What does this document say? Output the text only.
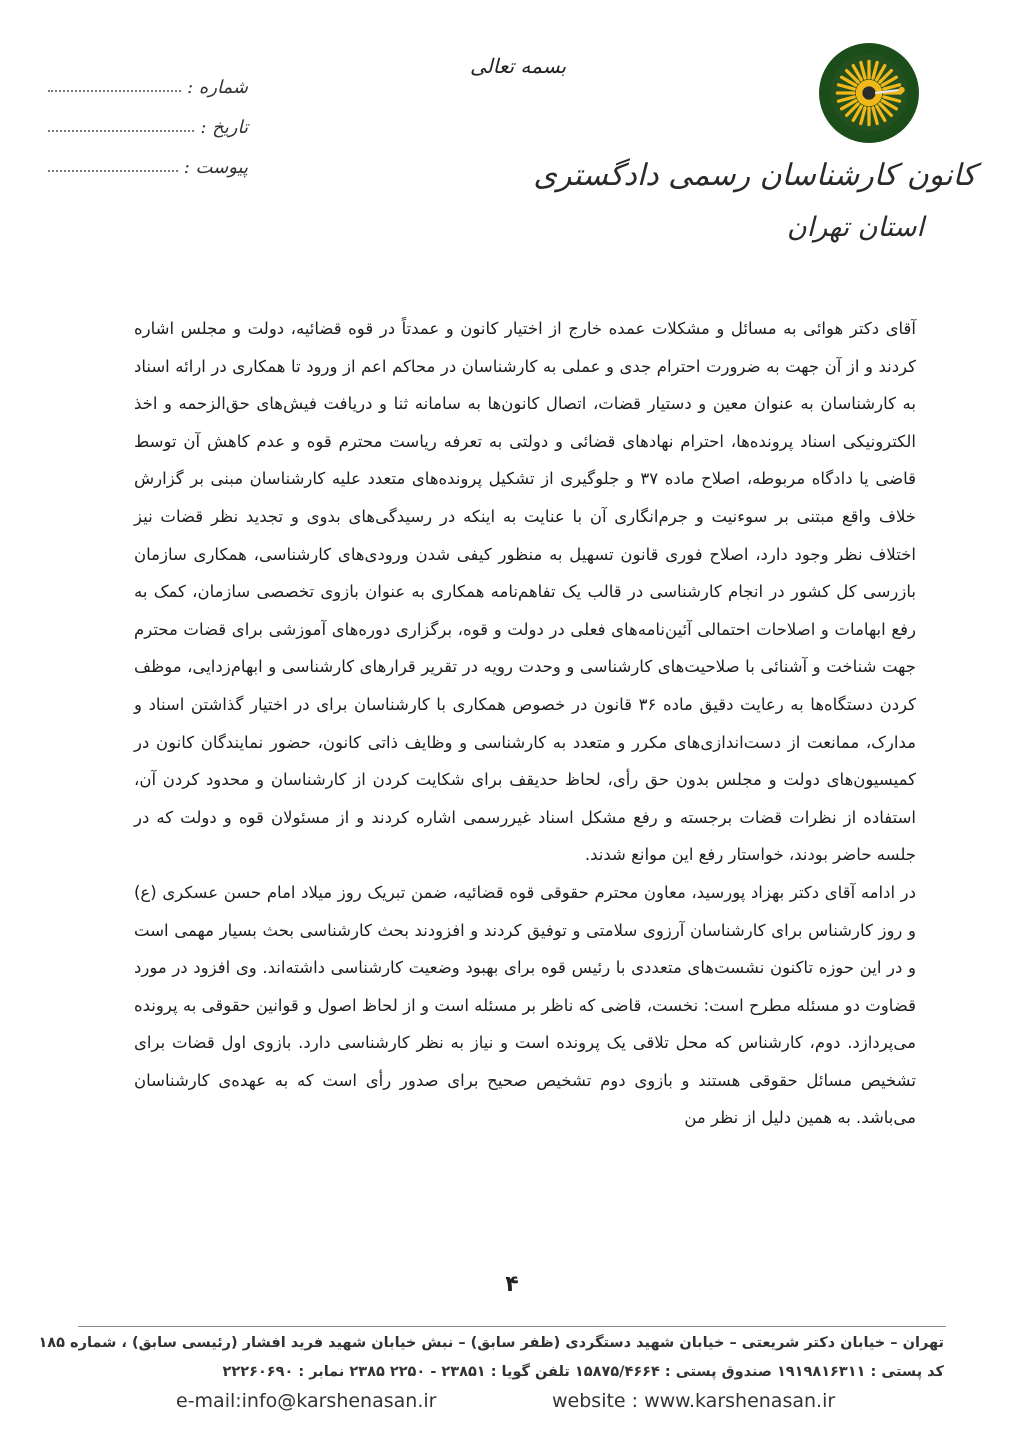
کانون کارشناسان رسمی دادگستری
استان تهران
بسمه تعالی
شماره :
تاریخ :
پیوست :

آقای دکتر هوائی به مسائل و مشکلات عمده خارج از اختیار کانون و عمدتاً در قوه قضائیه، دولت و مجلس اشاره کردند و از آن جهت به ضرورت احترام جدی و عملی به کارشناسان در محاکم اعم از ورود تا همکاری در ارائه اسناد به کارشناسان به عنوان معین و دستیار قضات، اتصال کانون‌ها به سامانه ثنا و دریافت فیش‌های حق‌الزحمه و اخذ الکترونیکی اسناد پرونده‌ها، احترام نهادهای قضائی و دولتی به تعرفه ریاست محترم قوه و عدم کاهش آن توسط قاضی یا دادگاه مربوطه، اصلاح ماده ۳۷ و جلوگیری از تشکیل پرونده‌های متعدد علیه کارشناسان مبنی بر گزارش خلاف واقع مبتنی بر سوءنیت و جرم‌انگاری آن با عنایت به اینکه در رسیدگی‌های بدوی و تجدید نظر قضات نیز اختلاف نظر وجود دارد، اصلاح فوری قانون تسهیل به منظور کیفی شدن ورودی‌های کارشناسی، همکاری سازمان بازرسی کل کشور در انجام کارشناسی در قالب یک تفاهم‌نامه همکاری به عنوان بازوی تخصصی سازمان، کمک به رفع ابهامات و اصلاحات احتمالی آئین‌نامه‌های فعلی در دولت و قوه، برگزاری دوره‌های آموزشی برای قضات محترم جهت شناخت و آشنائی با صلاحیت‌های کارشناسی و وحدت رویه در تقریر قرارهای کارشناسی و ابهام‌زدایی، موظف کردن دستگاه‌ها به رعایت دقیق ماده ۳۶ قانون در خصوص همکاری با کارشناسان برای در اختیار گذاشتن اسناد و مدارک، ممانعت از دست‌اندازی‌های مکرر و متعدد به کارشناسی و وظایف ذاتی کانون، حضور نمایندگان کانون در کمیسیون‌های دولت و مجلس بدون حق رأی، لحاظ حدیقف برای شکایت کردن از کارشناسان و محدود کردن آن، استفاده از نظرات قضات برجسته و رفع مشکل اسناد غیررسمی اشاره کردند و از مسئولان قوه و دولت که در جلسه حاضر بودند، خواستار رفع این موانع شدند.

در ادامه آقای دکتر بهزاد پورسید، معاون محترم حقوقی قوه قضائیه، ضمن تبریک روز میلاد امام حسن عسکری (ع) و روز کارشناس برای کارشناسان آرزوی سلامتی و توفیق کردند و افزودند بحث کارشناسی بحث بسیار مهمی است و در این حوزه تاکنون نشست‌های متعددی با رئیس قوه برای بهبود وضعیت کارشناسی داشته‌اند. وی افزود در مورد قضاوت دو مسئله مطرح است: نخست، قاضی که ناظر بر مسئله است و از لحاظ اصول و قوانین حقوقی به پرونده می‌پردازد. دوم، کارشناس که محل تلاقی یک پرونده است و نیاز به نظر کارشناسی دارد. بازوی اول قضات برای تشخیص مسائل حقوقی هستند و بازوی دوم تشخیص صحیح برای صدور رأی است که به عهده‌ی کارشناسان می‌باشد. به همین دلیل از نظر من

۴
تهران – خیابان دکتر شریعتی – خیابان شهید دستگردی (ظفر سابق) – نبش خیابان شهید فرید افشار (رئیسی سابق) ، شماره ۱۸۵
کد پستی : ۱۹۱۹۸۱۶۳۱۱ صندوق پستی : ۱۵۸۷۵/۴۶۶۴ تلفن گویا : ۲۳۸۵۱ - ۲۲۵۰ ۲۳۸۵ نمابر : ۲۲۲۶۰۶۹۰
e-mail:info@karshenasan.ir	website : www.karshenasan.ir
